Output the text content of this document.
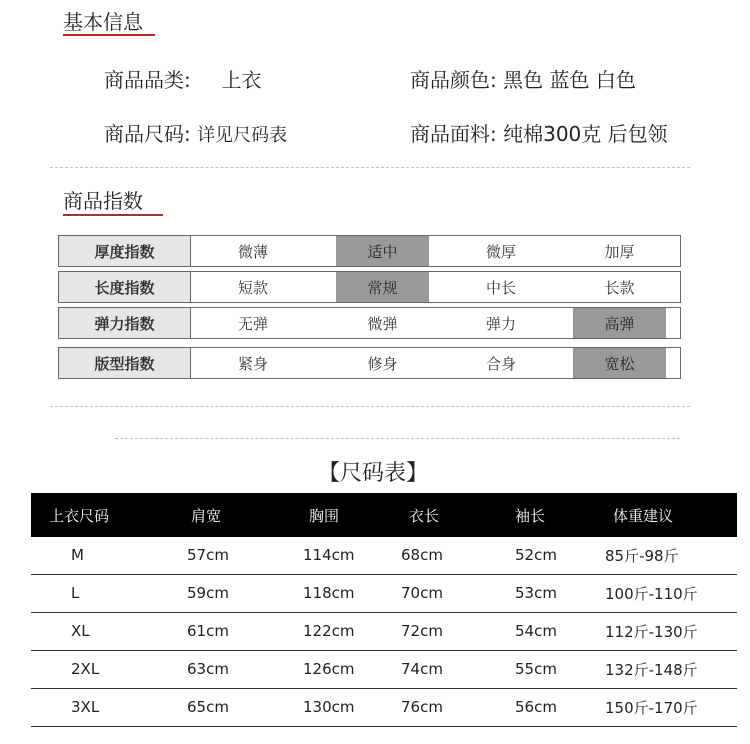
基本信息
商品品类: 上衣	商品颜色: 黑色 蓝色 白色
商品尺码: 详见尺码表	商品面料: 纯棉300克 后包领
商品指数
厚度指数	微薄	适中	微厚	加厚
长度指数	短款	常规	中长	长款
弹力指数	无弹	微弹	弹力	高弹
版型指数	紧身	修身	合身	宽松
【尺码表】
上衣尺码	肩宽	胸围	衣长	袖长	体重建议
M	57cm	114cm	68cm	52cm	85斤-98斤
L	59cm	118cm	70cm	53cm	100斤-110斤
XL	61cm	122cm	72cm	54cm	112斤-130斤
2XL	63cm	126cm	74cm	55cm	132斤-148斤
3XL	65cm	130cm	76cm	56cm	150斤-170斤
